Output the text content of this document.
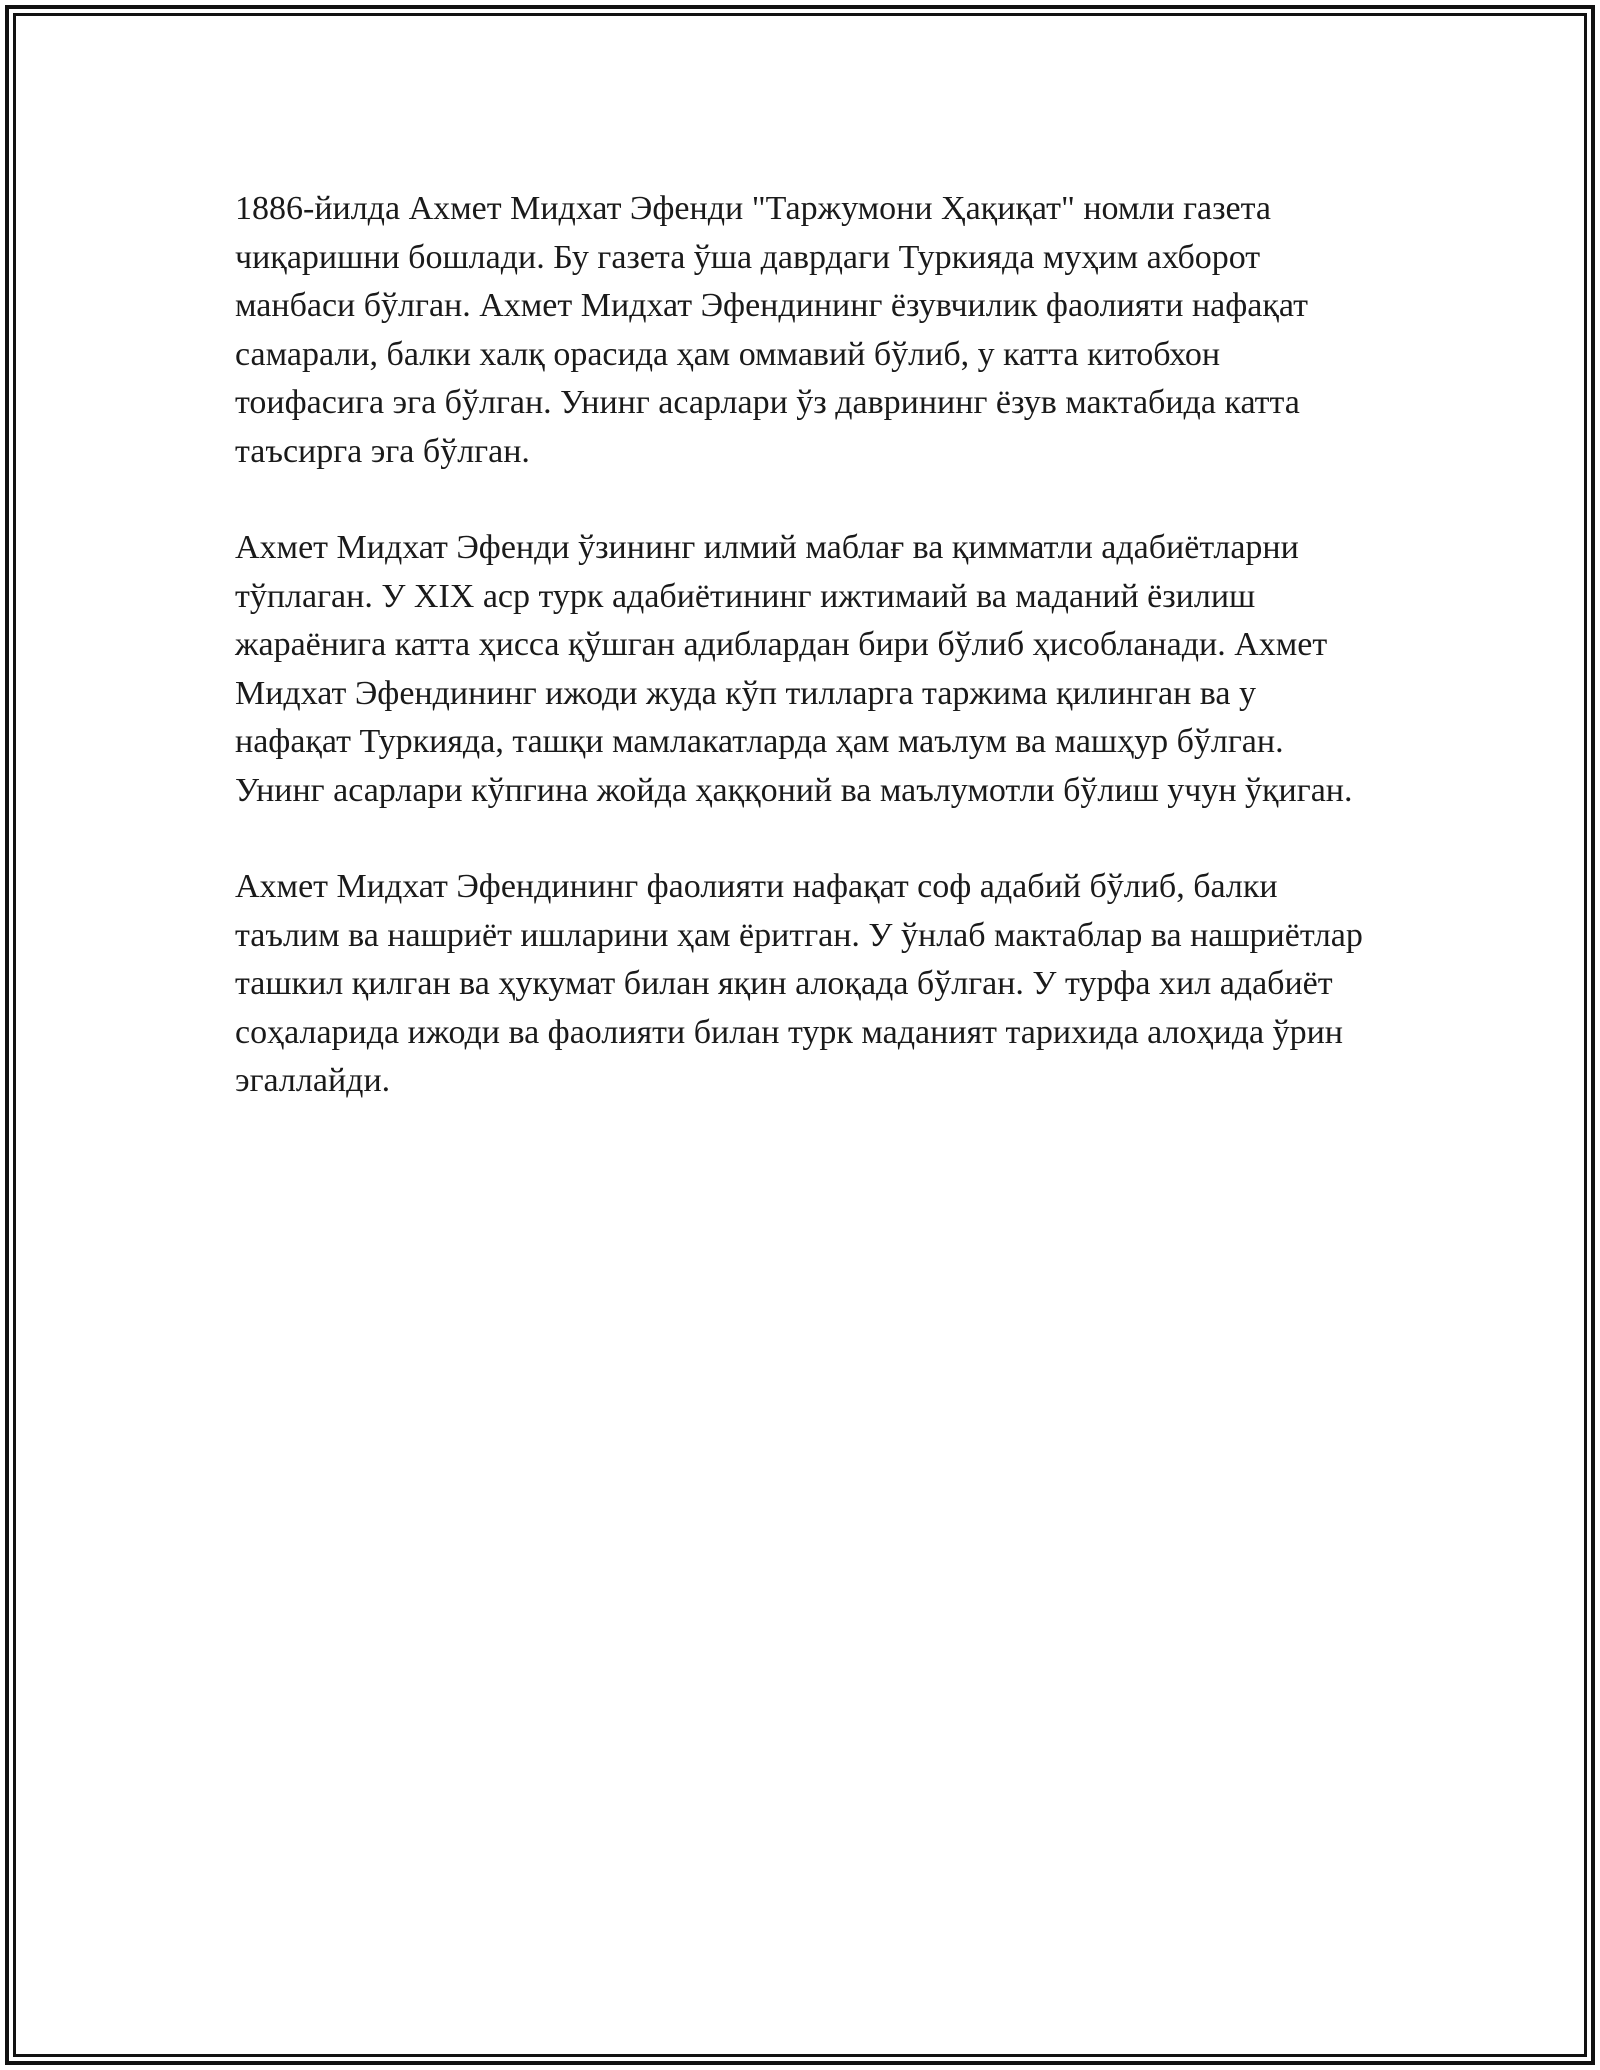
1886-йилда Ахмет Мидхат Эфенди "Таржумони Ҳақиқат" номли газета чиқаришни бошлади. Бу газета ўша даврдаги Туркияда муҳим ахборот манбаси бўлган. Ахмет Мидхат Эфендининг ёзувчилик фаолияти нафақат самарали, балки халқ орасида ҳам оммавий бўлиб, у катта китобхон тоифасига эга бўлган. Унинг асарлари ўз даврининг ёзув мактабида катта таъсирга эга бўлган.

Ахмет Мидхат Эфенди ўзининг илмий маблағ ва қимматли адабиётларни тўплаган. У XIX аср турк адабиётининг ижтимаий ва маданий ёзилиш жараёнига катта ҳисса қўшган адиблардан бири бўлиб ҳисобланади. Ахмет Мидхат Эфендининг ижоди жуда кўп тилларга таржима қилинган ва у нафақат Туркияда, ташқи мамлакатларда ҳам маълум ва машҳур бўлган. Унинг асарлари кўпгина жойда ҳаққоний ва маълумотли бўлиш учун ўқиган.

Ахмет Мидхат Эфендининг фаолияти нафақат соф адабий бўлиб, балки таълим ва нашриёт ишларини ҳам ёритган. У ўнлаб мактаблар ва нашриётлар ташкил қилган ва ҳукумат билан яқин алоқада бўлган. У турфа хил адабиёт соҳаларида ижоди ва фаолияти билан турк маданият тарихида алоҳида ўрин эгаллайди.
